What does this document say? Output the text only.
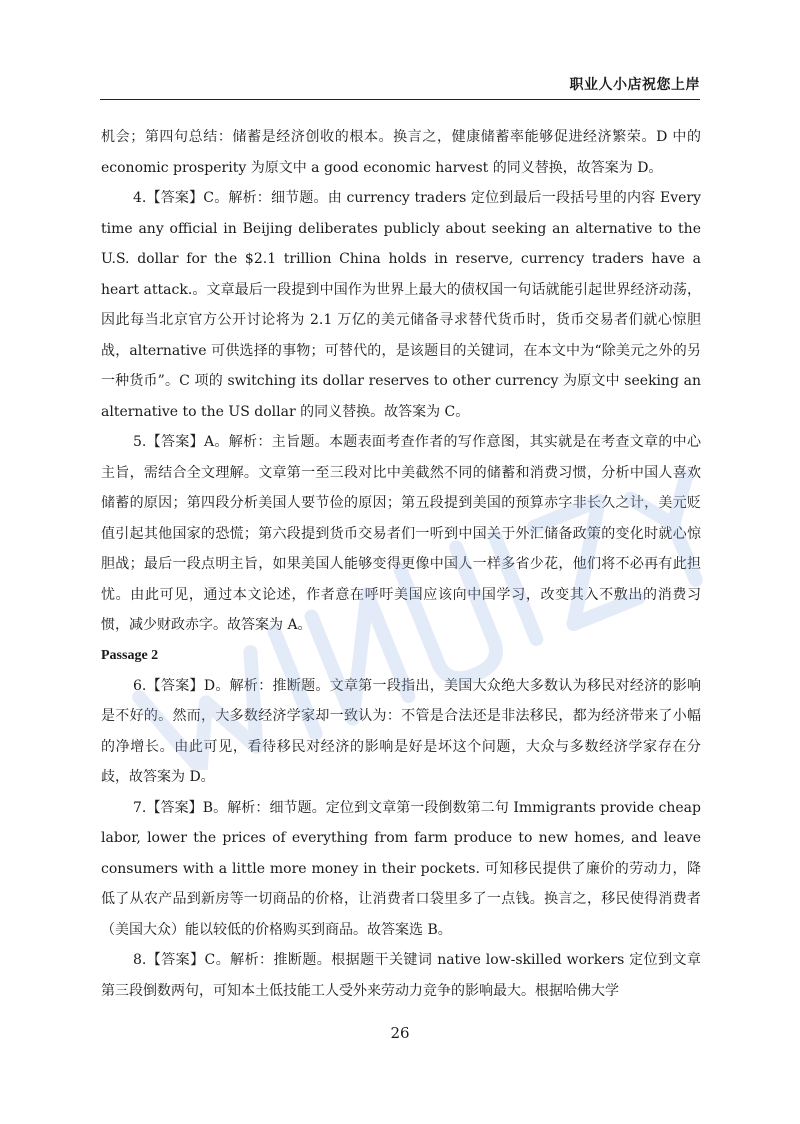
职业人小店祝您上岸

机会；第四句总结：储蓄是经济创收的根本。换言之，健康储蓄率能够促进经济繁荣。D 中的 economic prosperity 为原文中 a good economic harvest 的同义替换，故答案为 D。

4.【答案】C。解析：细节题。由 currency traders 定位到最后一段括号里的内容 Every time any official in Beijing deliberates publicly about seeking an alternative to the U.S. dollar for the $2.1 trillion China holds in reserve, currency traders have a heart attack.。文章最后一段提到中国作为世界上最大的债权国一句话就能引起世界经济动荡，因此每当北京官方公开讨论将为 2.1 万亿的美元储备寻求替代货币时，货币交易者们就心惊胆战，alternative 可供选择的事物；可替代的，是该题目的关键词，在本文中为“除美元之外的另一种货币”。C 项的 switching its dollar reserves to other currency 为原文中 seeking an alternative to the US dollar 的同义替换。故答案为 C。

5.【答案】A。解析：主旨题。本题表面考查作者的写作意图，其实就是在考查文章的中心主旨，需结合全文理解。文章第一至三段对比中美截然不同的储蓄和消费习惯，分析中国人喜欢储蓄的原因；第四段分析美国人要节俭的原因；第五段提到美国的预算赤字非长久之计，美元贬值引起其他国家的恐慌；第六段提到货币交易者们一听到中国关于外汇储备政策的变化时就心惊胆战；最后一段点明主旨，如果美国人能够变得更像中国人一样多省少花，他们将不必再有此担忧。由此可见，通过本文论述，作者意在呼吁美国应该向中国学习，改变其入不敷出的消费习惯，减少财政赤字。故答案为 A。

Passage 2

6.【答案】D。解析：推断题。文章第一段指出，美国大众绝大多数认为移民对经济的影响是不好的。然而，大多数经济学家却一致认为：不管是合法还是非法移民，都为经济带来了小幅的净增长。由此可见，看待移民对经济的影响是好是坏这个问题，大众与多数经济学家存在分歧，故答案为 D。

7.【答案】B。解析：细节题。定位到文章第一段倒数第二句 Immigrants provide cheap labor, lower the prices of everything from farm produce to new homes, and leave consumers with a little more money in their pockets. 可知移民提供了廉价的劳动力，降低了从农产品到新房等一切商品的价格，让消费者口袋里多了一点钱。换言之，移民使得消费者（美国大众）能以较低的价格购买到商品。故答案选 B。

8.【答案】C。解析：推断题。根据题干关键词 native low-skilled workers 定位到文章第三段倒数两句，可知本土低技能工人受外来劳动力竞争的影响最大。根据哈佛大学

26
